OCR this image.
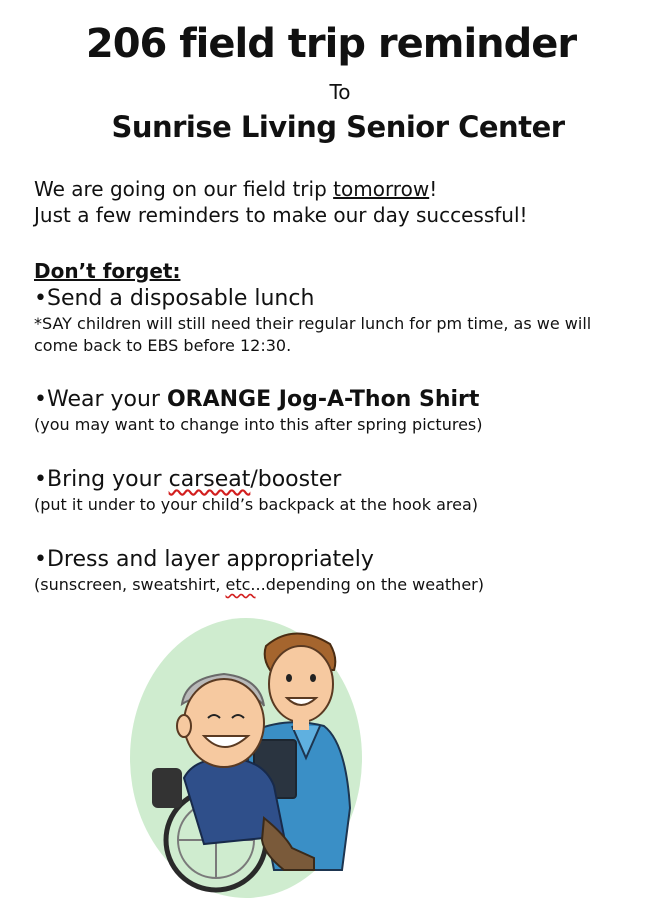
206 field trip reminder
To
Sunrise Living Senior Center
We are going on our field trip tomorrow!
Just a few reminders to make our day successful!
Don’t forget:
•Send a disposable lunch
*SAY children will still need their regular lunch for pm time, as we will
come back to EBS before 12:30.
•Wear your ORANGE Jog-A-Thon Shirt
(you may want to change into this after spring pictures)
•Bring your carseat/booster
(put it under to your child’s backpack at the hook area)
•Dress and layer appropriately
(sunscreen, sweatshirt, etc...depending on the weather)
